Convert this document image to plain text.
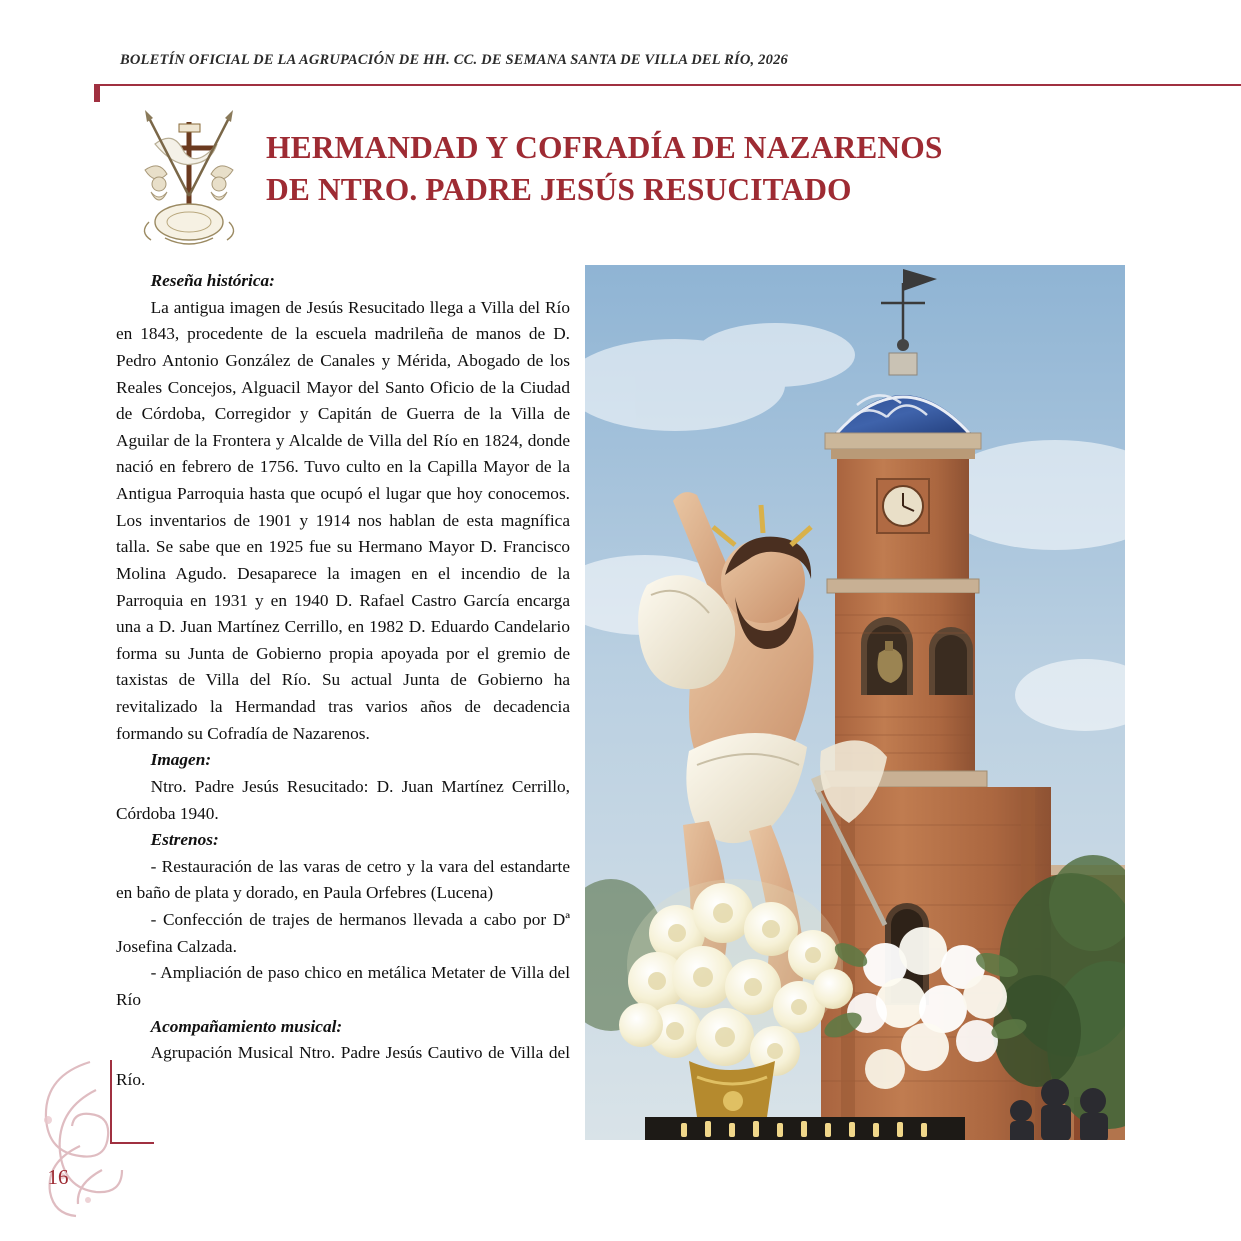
BOLETÍN OFICIAL DE LA AGRUPACIÓN DE HH. CC. DE SEMANA SANTA DE VILLA DEL RÍO, 2026
HERMANDAD Y COFRADÍA DE NAZARENOS
DE NTRO. PADRE JESÚS RESUCITADO

Reseña histórica:

La antigua imagen de Jesús Resucitado llega a Villa del Río en 1843, procedente de la escuela madrileña de manos de D. Pedro Antonio González de Canales y Mérida, Abogado de los Reales Concejos, Alguacil Mayor del Santo Oficio de la Ciudad de Córdoba, Corregidor y Capitán de Guerra de la Villa de Aguilar de la Frontera y Alcalde de Villa del Río en 1824, donde nació en febrero de 1756. Tuvo culto en la Capilla Mayor de la Antigua Parroquia hasta que ocupó el lugar que hoy conocemos. Los inventarios de 1901 y 1914 nos hablan de esta magnífica talla. Se sabe que en 1925 fue su Hermano Mayor D. Francisco Molina Agudo. Desaparece la imagen en el incendio de la Parroquia en 1931 y en 1940 D. Rafael Castro García encarga una a D. Juan Martínez Cerrillo, en 1982 D. Eduardo Candelario forma su Junta de Gobierno propia apoyada por el gremio de taxistas de Villa del Río. Su actual Junta de Gobierno ha revitalizado la Hermandad tras varios años de decadencia formando su Cofradía de Nazarenos.

Imagen:

Ntro. Padre Jesús Resucitado: D. Juan Martínez Cerrillo, Córdoba 1940.

Estrenos:

- Restauración de las varas de cetro y la vara del estandarte en baño de plata y dorado, en Paula Orfebres (Lucena)

- Confección de trajes de hermanos llevada a cabo por Dª Josefina Calzada.

- Ampliación de paso chico en metálica Metater de Villa del Río

Acompañamiento musical:

Agrupación Musical Ntro. Padre Jesús Cautivo de Villa del Río.

16
